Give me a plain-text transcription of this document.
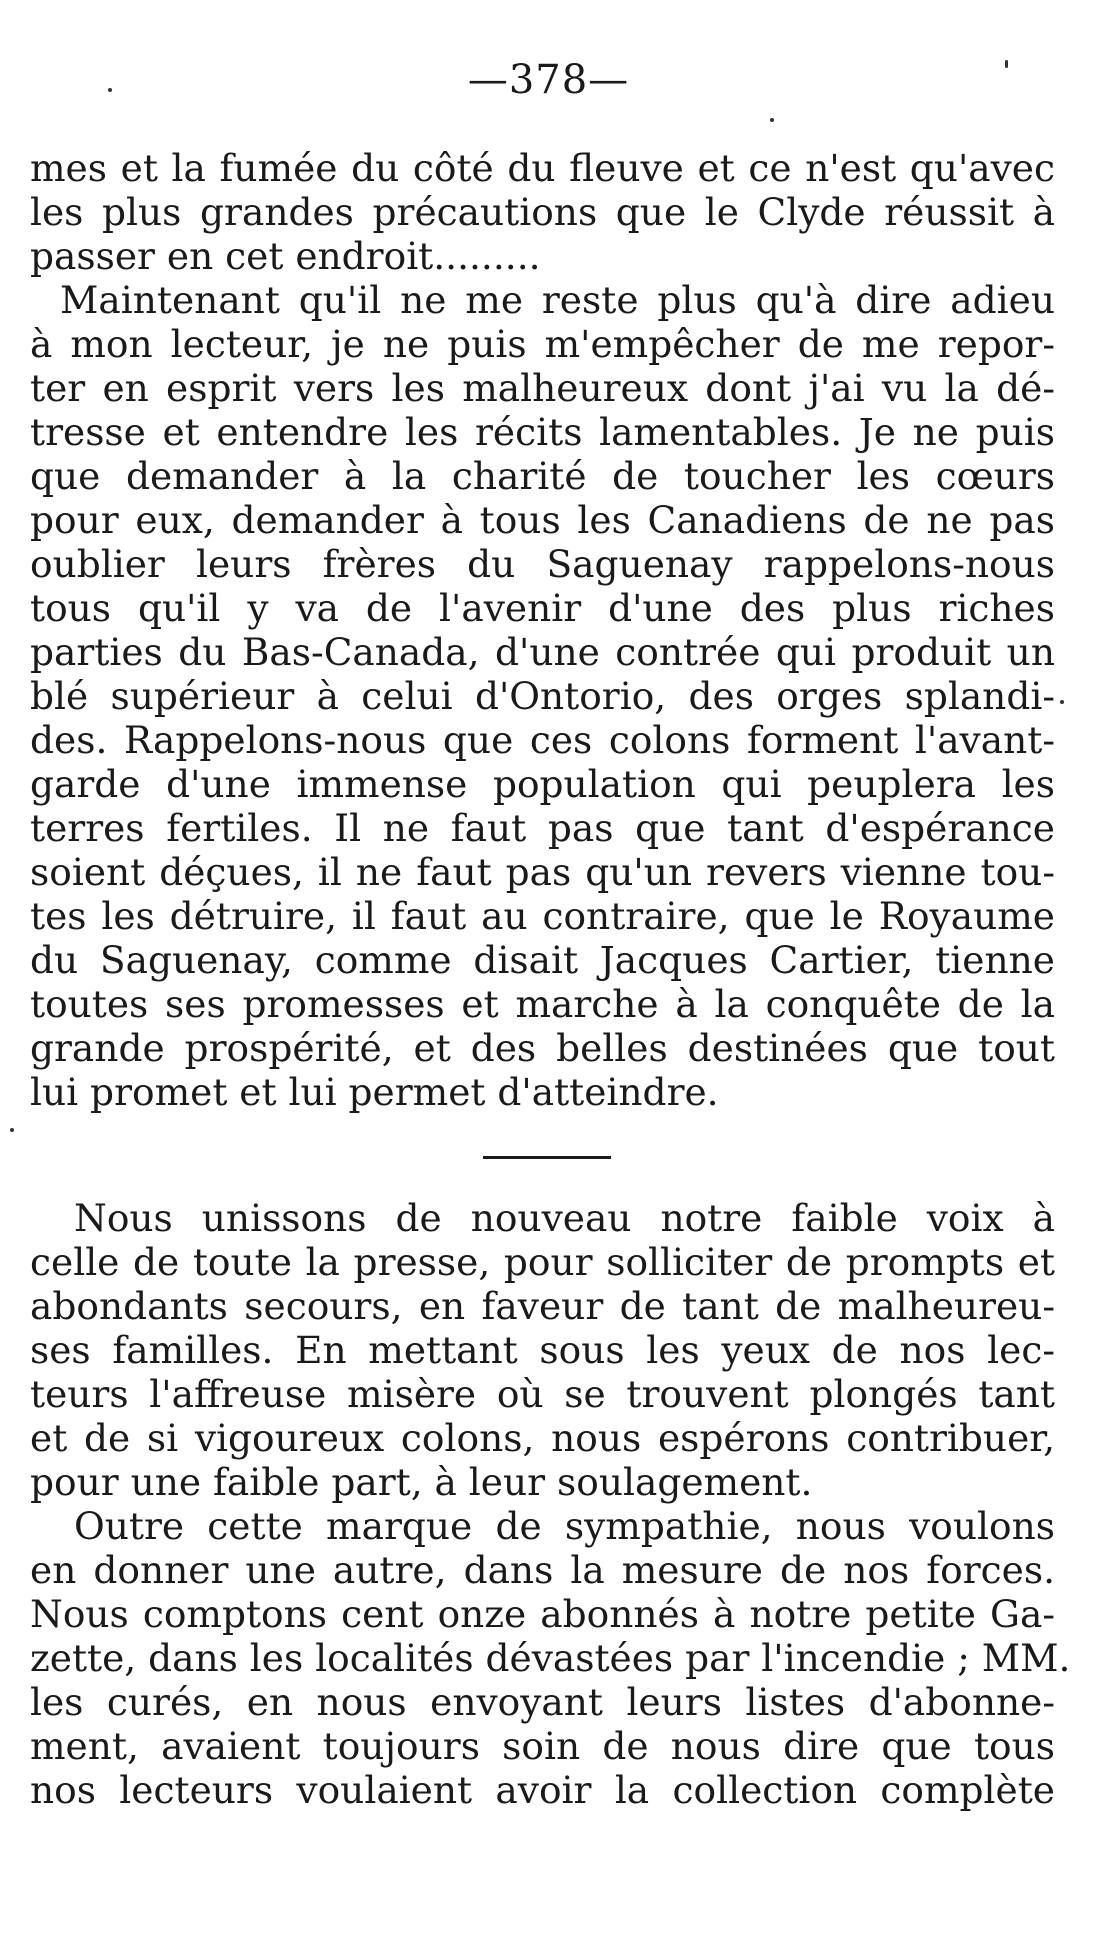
—378—
mes et la fumée du côté du fleuve et ce n'est qu'avec
les plus grandes précautions que le Clyde réussit à
passer en cet endroit.........
Maintenant qu'il ne me reste plus qu'à dire adieu
à mon lecteur, je ne puis m'empêcher de me repor-
ter en esprit vers les malheureux dont j'ai vu la dé-
tresse et entendre les récits lamentables. Je ne puis
que demander à la charité de toucher les cœurs
pour eux, demander à tous les Canadiens de ne pas
oublier leurs frères du Saguenay rappelons-nous
tous qu'il y va de l'avenir d'une des plus riches
parties du Bas-Canada, d'une contrée qui produit un
blé supérieur à celui d'Ontorio, des orges splandi-
des. Rappelons-nous que ces colons forment l'avant-
garde d'une immense population qui peuplera les
terres fertiles. Il ne faut pas que tant d'espérance
soient déçues, il ne faut pas qu'un revers vienne tou-
tes les détruire, il faut au contraire, que le Royaume
du Saguenay, comme disait Jacques Cartier, tienne
toutes ses promesses et marche à la conquête de la
grande prospérité, et des belles destinées que tout
lui promet et lui permet d'atteindre.
Nous unissons de nouveau notre faible voix à
celle de toute la presse, pour solliciter de prompts et
abondants secours, en faveur de tant de malheureu-
ses familles. En mettant sous les yeux de nos lec-
teurs l'affreuse misère où se trouvent plongés tant
et de si vigoureux colons, nous espérons contribuer,
pour une faible part, à leur soulagement.
Outre cette marque de sympathie, nous voulons
en donner une autre, dans la mesure de nos forces.
Nous comptons cent onze abonnés à notre petite Ga-
zette, dans les localités dévastées par l'incendie ; MM.
les curés, en nous envoyant leurs listes d'abonne-
ment, avaient toujours soin de nous dire que tous
nos lecteurs voulaient avoir la collection complète
